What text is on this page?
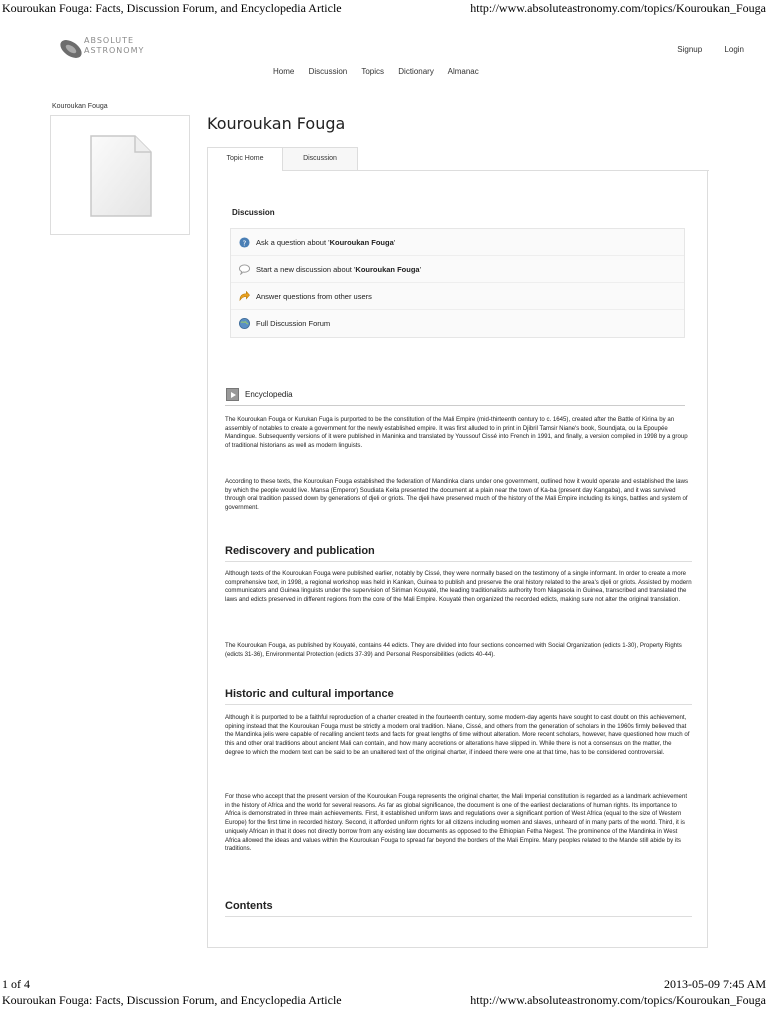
Kouroukan Fouga: Facts, Discussion Forum, and Encyclopedia Article	http://www.absoluteastronomy.com/topics/Kouroukan_Fouga
ABSOLUTE
ASTRONOMY	Signup	Login
Home Discussion Topics Dictionary Almanac
Kouroukan Fouga
Kouroukan Fouga
Topic Home	Discussion
Discussion
? Ask a question about 'Kouroukan Fouga'
Start a new discussion about 'Kouroukan Fouga'
Answer questions from other users
Full Discussion Forum
Encyclopedia

The Kouroukan Fouga or Kurukan Fuga is purported to be the constitution of the Mali Empire (mid-thirteenth century to c. 1645), created after the Battle of Kirina by an assembly of notables to create a government for the newly established empire. It was first alluded to in print in Djibril Tamsir Niane's book, Soundjata, ou la Epoupée Mandingue. Subsequently versions of it were published in Maninka and translated by Youssouf Cissé into French in 1991, and finally, a version compiled in 1998 by a group of traditional historians as well as modern linguists.

According to these texts, the Kouroukan Fouga established the federation of Mandinka clans under one government, outlined how it would operate and established the laws by which the people would live. Mansa (Emperor) Soudiata Keita presented the document at a plain near the town of Ka-ba (present day Kangaba), and it was survived through oral tradition passed down by generations of djeli or griots. The djeli have preserved much of the history of the Mali Empire including its kings, battles and system of government.

Rediscovery and publication

Although texts of the Kouroukan Fouga were published earlier, notably by Cissé, they were normally based on the testimony of a single informant. In order to create a more comprehensive text, in 1998, a regional workshop was held in Kankan, Guinea to publish and preserve the oral history related to the area's djeli or griots. Assisted by modern communicators and Guinea linguists under the supervision of Siriman Kouyaté, the leading traditionalists authority from Niagasola in Guinea, transcribed and translated the laws and edicts preserved in different regions from the core of the Mali Empire. Kouyaté then organized the recorded edicts, making sure not alter the original translation.

The Kouroukan Fouga, as published by Kouyaté, contains 44 edicts. They are divided into four sections concerned with Social Organization (edicts 1-30), Property Rights (edicts 31-36), Environmental Protection (edicts 37-39) and Personal Responsibilities (edicts 40-44).

Historic and cultural importance

Although it is purported to be a faithful reproduction of a charter created in the fourteenth century, some modern-day agents have sought to cast doubt on this achievement, opining instead that the Kouroukan Fouga must be strictly a modern oral tradition. Niane, Cissé, and others from the generation of scholars in the 1960s firmly believed that the Mandinka jelis were capable of recalling ancient texts and facts for great lengths of time without alteration. More recent scholars, however, have questioned how much of this and other oral traditions about ancient Mali can contain, and how many accretions or alterations have slipped in. While there is not a consensus on the matter, the degree to which the modern text can be said to be an unaltered text of the original charter, if indeed there were one at that time, has to be considered controversial.

For those who accept that the present version of the Kouroukan Fouga represents the original charter, the Mali Imperial constitution is regarded as a landmark achievement in the history of Africa and the world for several reasons. As far as global significance, the document is one of the earliest declarations of human rights. Its importance to Africa is demonstrated in three main achievements. First, it established uniform laws and regulations over a significant portion of West Africa (equal to the size of Western Europe) for the first time in recorded history. Second, it afforded uniform rights for all citizens including women and slaves, unheard of in many parts of the world. Third, it is uniquely African in that it does not directly borrow from any existing law documents as opposed to the Ethiopian Fetha Negest. The prominence of the Mandinka in West Africa allowed the ideas and values within the Kouroukan Fouga to spread far beyond the borders of the Mali Empire. Many peoples related to the Mande still abide by its traditions.

Contents
1 of 4	2013-05-09 7:45 AM
Kouroukan Fouga: Facts, Discussion Forum, and Encyclopedia Article	http://www.absoluteastronomy.com/topics/Kouroukan_Fouga
